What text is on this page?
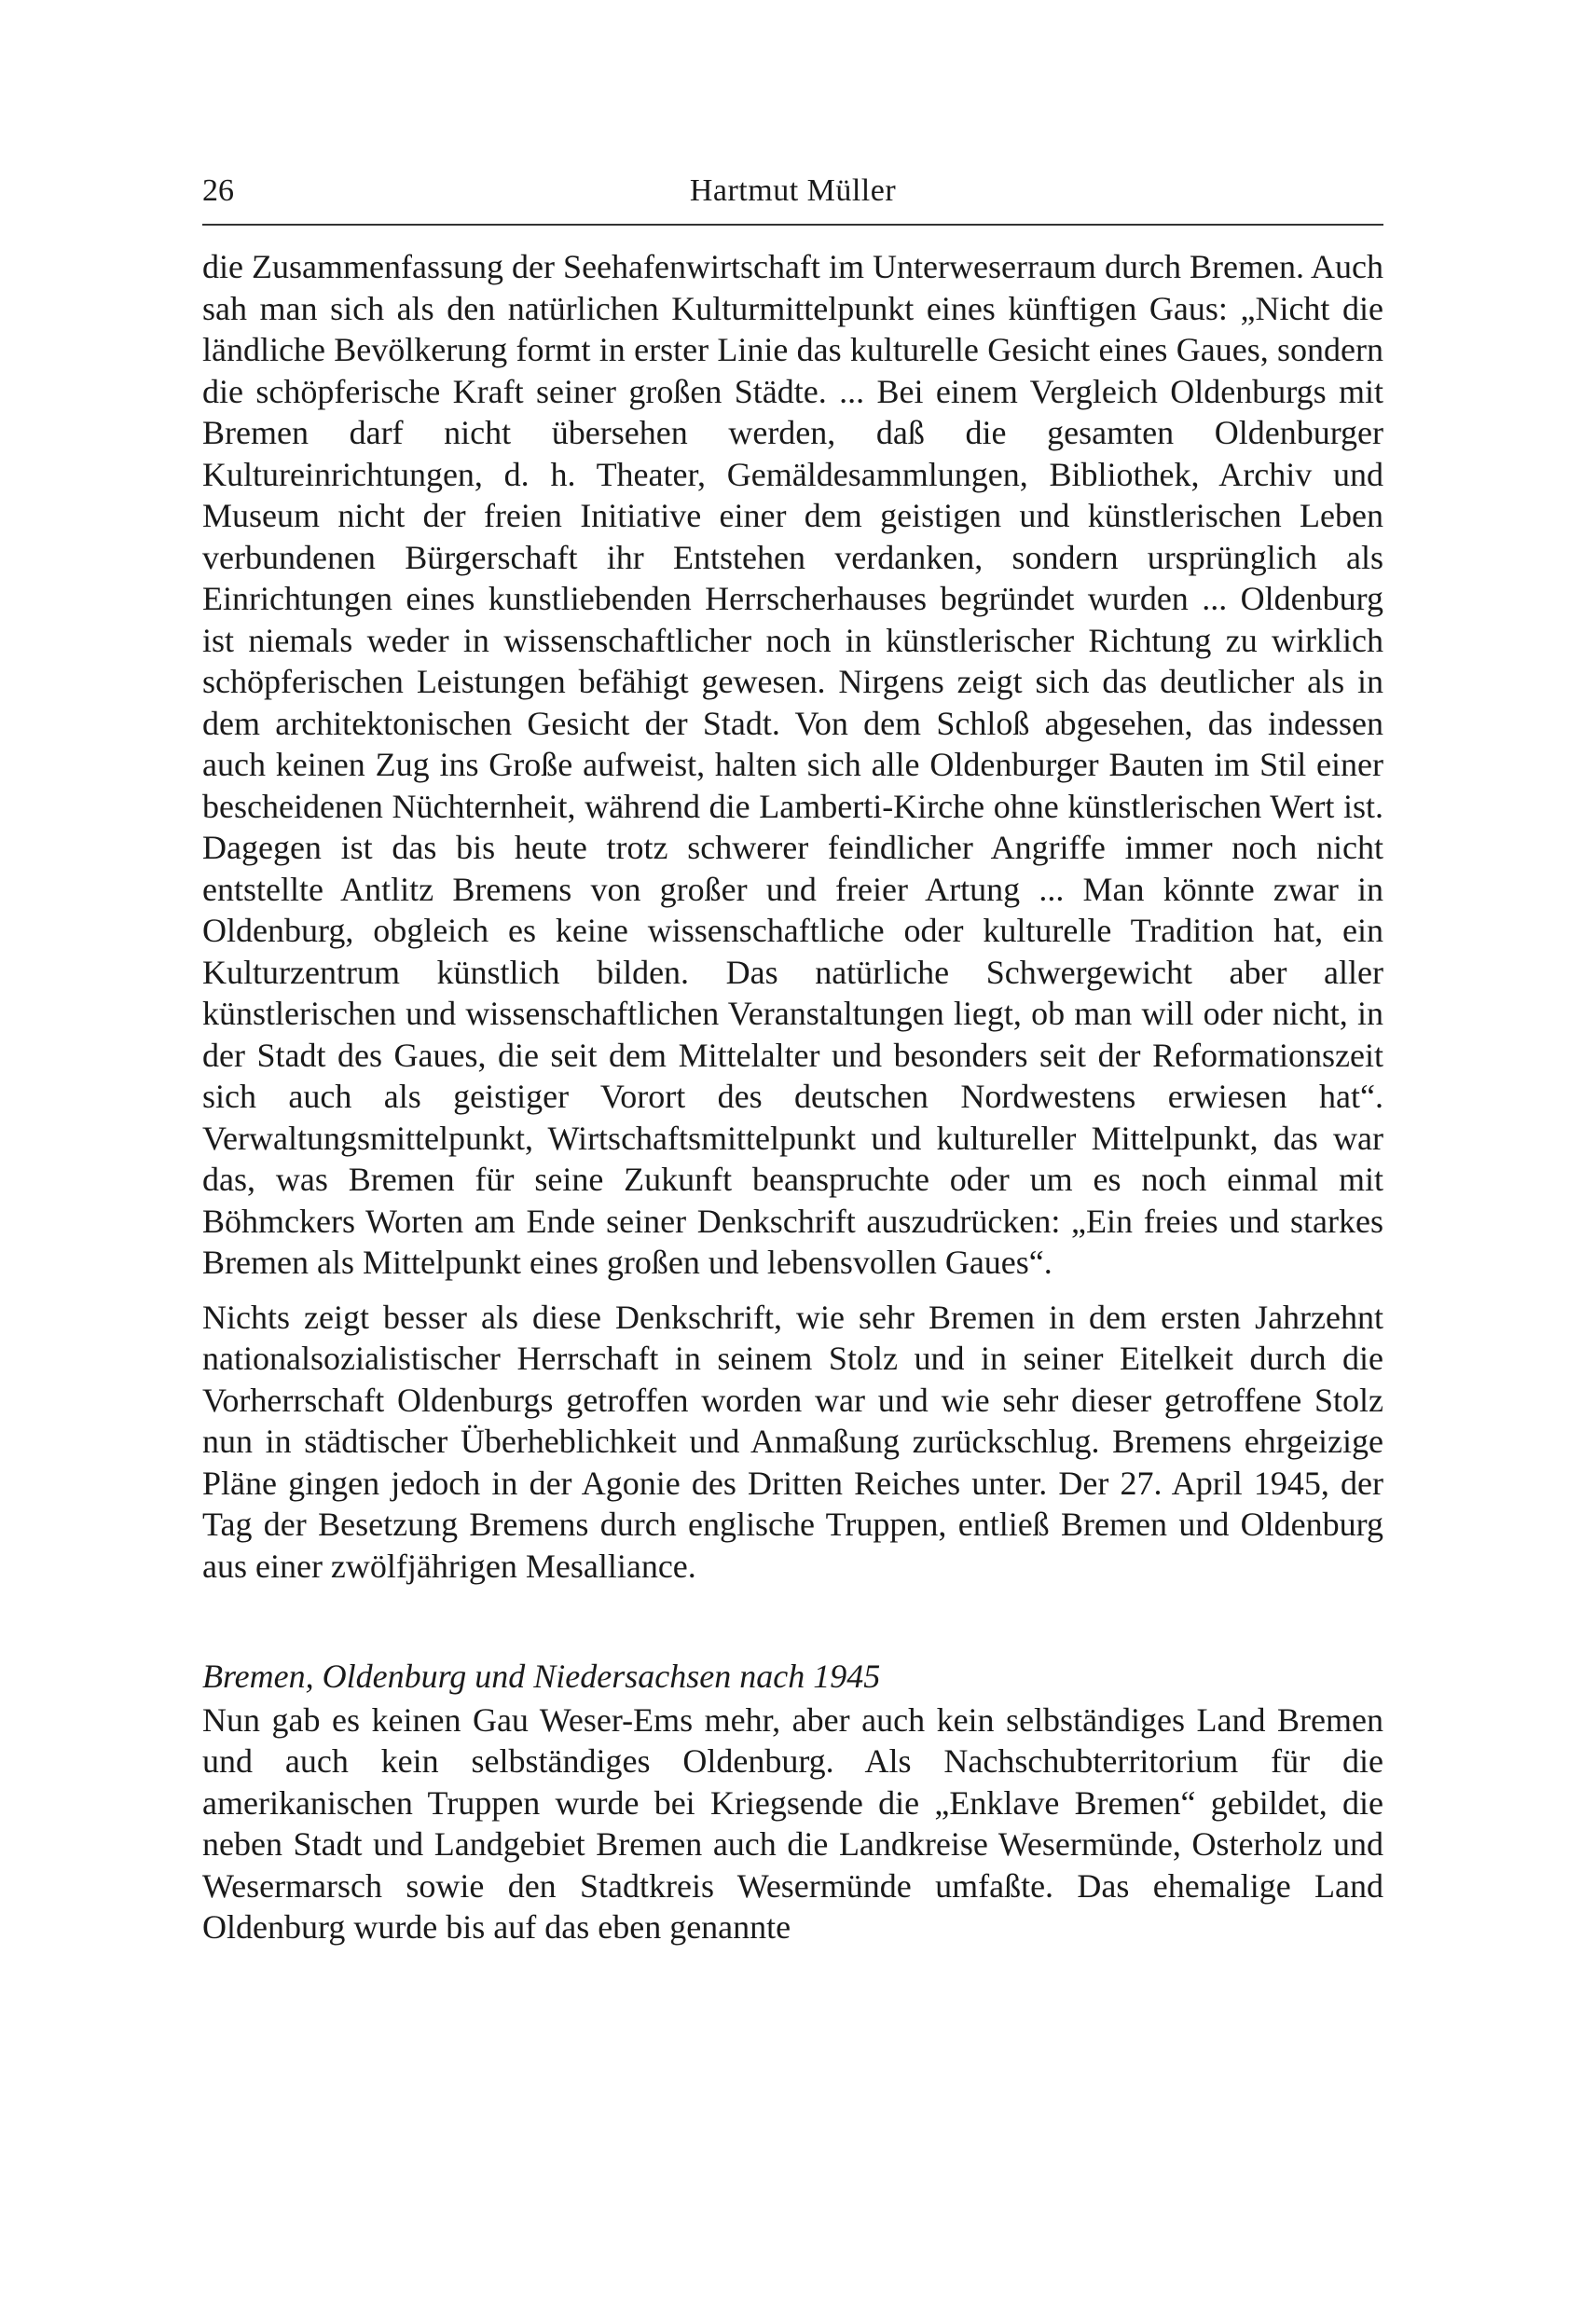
26	Hartmut Müller

die Zusammenfassung der Seehafenwirtschaft im Unterweserraum durch Bremen. Auch sah man sich als den natürlichen Kulturmittelpunkt eines künftigen Gaus: „Nicht die ländliche Bevölkerung formt in erster Linie das kulturelle Gesicht eines Gaues, sondern die schöpferische Kraft seiner großen Städte. ... Bei einem Vergleich Oldenburgs mit Bremen darf nicht übersehen werden, daß die gesamten Oldenburger Kultureinrichtungen, d. h. Theater, Gemäldesammlungen, Bibliothek, Archiv und Museum nicht der freien Initiative einer dem geistigen und künstlerischen Leben verbundenen Bürgerschaft ihr Entstehen verdanken, sondern ursprünglich als Einrichtungen eines kunstliebenden Herrscherhauses begründet wurden ... Oldenburg ist niemals weder in wissenschaftlicher noch in künstlerischer Richtung zu wirklich schöpferischen Leistungen befähigt gewesen. Nirgens zeigt sich das deutlicher als in dem architektonischen Gesicht der Stadt. Von dem Schloß abgesehen, das indessen auch keinen Zug ins Große aufweist, halten sich alle Oldenburger Bauten im Stil einer bescheidenen Nüchternheit, während die Lamberti-Kirche ohne künstlerischen Wert ist. Dagegen ist das bis heute trotz schwerer feindlicher Angriffe immer noch nicht entstellte Antlitz Bremens von großer und freier Artung ... Man könnte zwar in Oldenburg, obgleich es keine wissenschaftliche oder kulturelle Tradition hat, ein Kulturzentrum künstlich bilden. Das natürliche Schwergewicht aber aller künstlerischen und wissenschaftlichen Veranstaltungen liegt, ob man will oder nicht, in der Stadt des Gaues, die seit dem Mittelalter und besonders seit der Reformationszeit sich auch als geistiger Vorort des deutschen Nordwestens erwiesen hat“. Verwaltungsmittelpunkt, Wirtschaftsmittelpunkt und kultureller Mittelpunkt, das war das, was Bremen für seine Zukunft beanspruchte oder um es noch einmal mit Böhmckers Worten am Ende seiner Denkschrift auszudrücken: „Ein freies und starkes Bremen als Mittelpunkt eines großen und lebensvollen Gaues“.

Nichts zeigt besser als diese Denkschrift, wie sehr Bremen in dem ersten Jahrzehnt nationalsozialistischer Herrschaft in seinem Stolz und in seiner Eitelkeit durch die Vorherrschaft Oldenburgs getroffen worden war und wie sehr dieser getroffene Stolz nun in städtischer Überheblichkeit und Anmaßung zurückschlug. Bremens ehrgeizige Pläne gingen jedoch in der Agonie des Dritten Reiches unter. Der 27. April 1945, der Tag der Besetzung Bremens durch englische Truppen, entließ Bremen und Oldenburg aus einer zwölfjährigen Mesalliance.

Bremen, Oldenburg und Niedersachsen nach 1945

Nun gab es keinen Gau Weser-Ems mehr, aber auch kein selbständiges Land Bremen und auch kein selbständiges Oldenburg. Als Nachschubterritorium für die amerikanischen Truppen wurde bei Kriegsende die „Enklave Bremen“ gebildet, die neben Stadt und Landgebiet Bremen auch die Landkreise Wesermünde, Osterholz und Wesermarsch sowie den Stadtkreis Wesermünde umfaßte. Das ehemalige Land Oldenburg wurde bis auf das eben genannte
